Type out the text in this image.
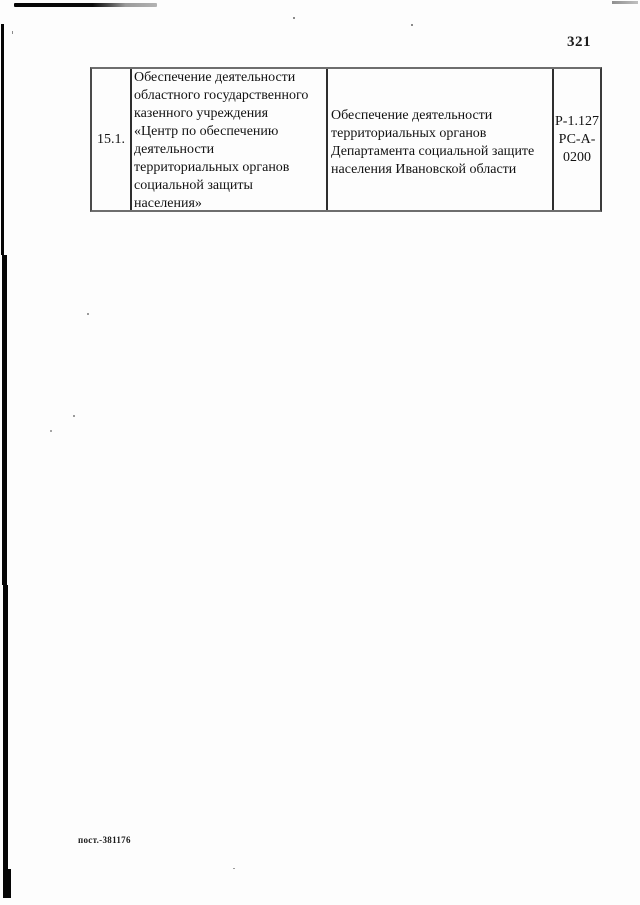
321
15.1.
Обеспечение деятельности
областного государственного
казенного учреждения
«Центр по обеспечению
деятельности
территориальных органов
социальной защиты
населения»
Обеспечение деятельности
территориальных органов
Департамента социальной защите
населения Ивановской области
Р-1.127
РС-А-
0200
пост.-381176
